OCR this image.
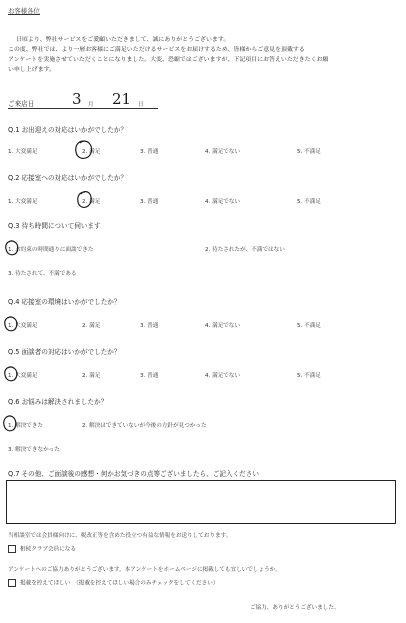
お客様各位
日頃より、弊社サービスをご愛顧いただきまして、誠にありがとうございます。
この度、弊社では、より一層お客様にご満足いただけるサービスをお届けするため、皆様からご意見を頂戴する
アンケートを実施させていただくことになりました。大変、恐縮ではございますが、下記項目にお答えいただきたくお願
い申し上げます。
ご来店日	3 月 21 日
Q.1 お出迎えの対応はいかがでしたか？
1. 大変満足	2. 満足	3. 普通	4. 満足でない	5. 不満足
Q.2 応接室への対応はいかがでしたか？
1. 大変満足	2. 満足	3. 普通	4. 満足でない	5. 不満足
Q.3 待ち時間について伺います
1. お約束の時間通りに面談できた	2. 待たされたが、不満ではない
3. 待たされて、不満である
Q.4 応接室の環境はいかがでしたか？
1. 大変満足	2. 満足	3. 普通	4. 満足でない	5. 不満足
Q.5 面談者の対応はいかがでしたか？
1. 大変満足	2. 満足	3. 普通	4. 満足でない	5. 不満足
Q.6 お悩みは解決されましたか？
1. 解決できた	2. 解決はできていないが今後の方針が見つかった
3. 解決できなかった
Q.7 その他、ご面談後の感想・何かお気づきの点等ございましたら、ご記入ください
当相談室では会員様向けに、税改正等を含めた役立つ有益な情報をお送りしております。
相続クラブ会員になる
アンケートへのご協力ありがとうございます。本アンケートをホームページに掲載しても宜しいでしょうか。
掲載を控えてほしい　（掲載を控えてほしい場合のみチェックをしてください）
ご協力、ありがとうございました。
